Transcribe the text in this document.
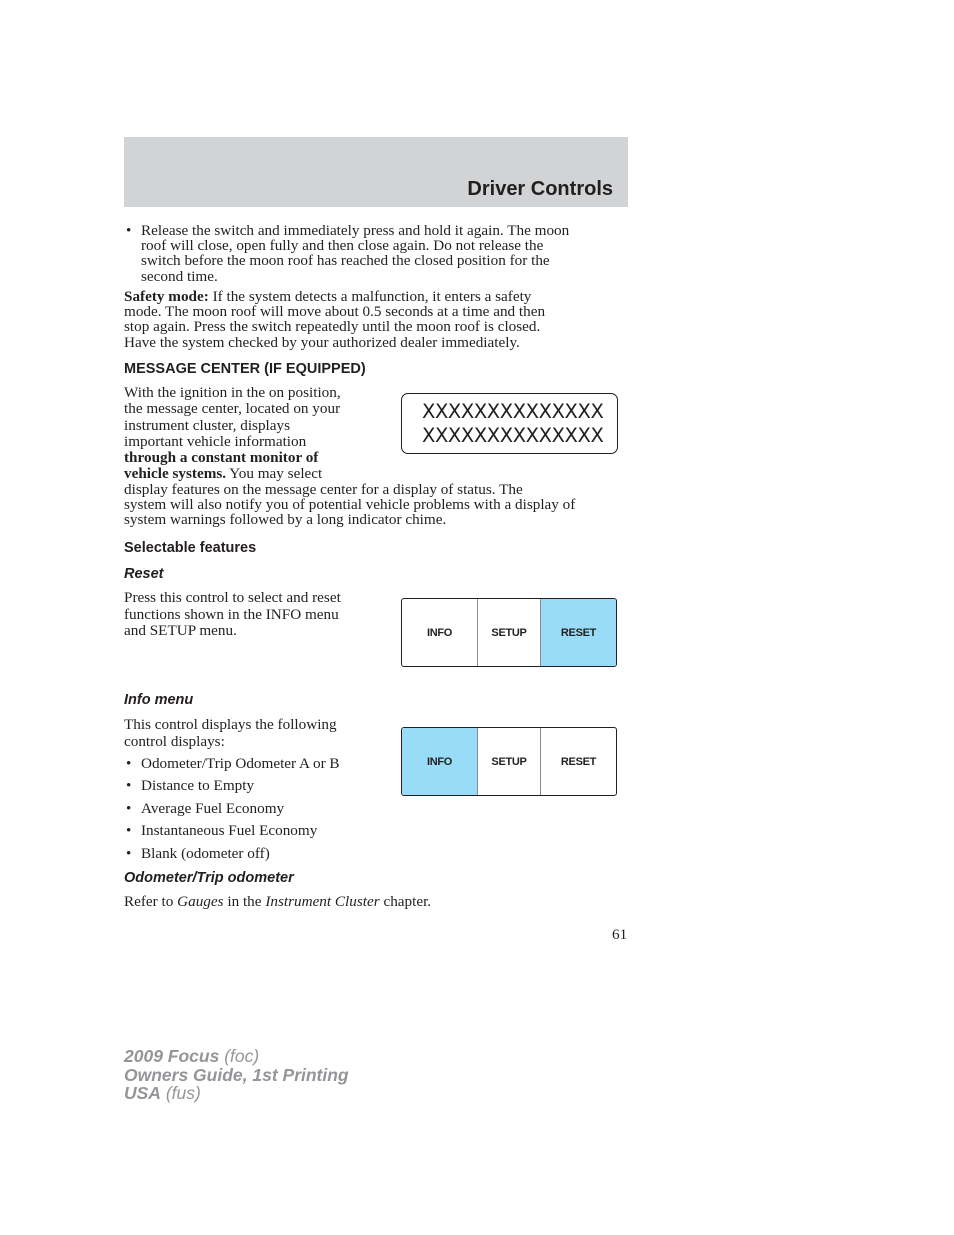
Driver Controls
• Release the switch and immediately press and hold it again. The moon
roof will close, open fully and then close again. Do not release the
switch before the moon roof has reached the closed position for the
second time.
Safety mode: If the system detects a malfunction, it enters a safety
mode. The moon roof will move about 0.5 seconds at a time and then
stop again. Press the switch repeatedly until the moon roof is closed.
Have the system checked by your authorized dealer immediately.
MESSAGE CENTER (IF EQUIPPED)
With the ignition in the on position,
the message center, located on your
instrument cluster, displays
important vehicle information
through a constant monitor of
vehicle systems. You may select
display features on the message center for a display of status. The
system will also notify you of potential vehicle problems with a display of
system warnings followed by a long indicator chime.
XXXXXXXXXXXXXX
XXXXXXXXXXXXXX
Selectable features
Reset
Press this control to select and reset
functions shown in the INFO menu
and SETUP menu.	INFO	SETUP	RESET
Info menu
This control displays the following
control displays:
• Odometer/Trip Odometer A or B
• Distance to Empty
• Average Fuel Economy
• Instantaneous Fuel Economy
• Blank (odometer off)
INFO	SETUP	RESET
Odometer/Trip odometer
Refer to Gauges in the Instrument Cluster chapter.
61
2009 Focus (foc)
Owners Guide, 1st Printing
USA (fus)
